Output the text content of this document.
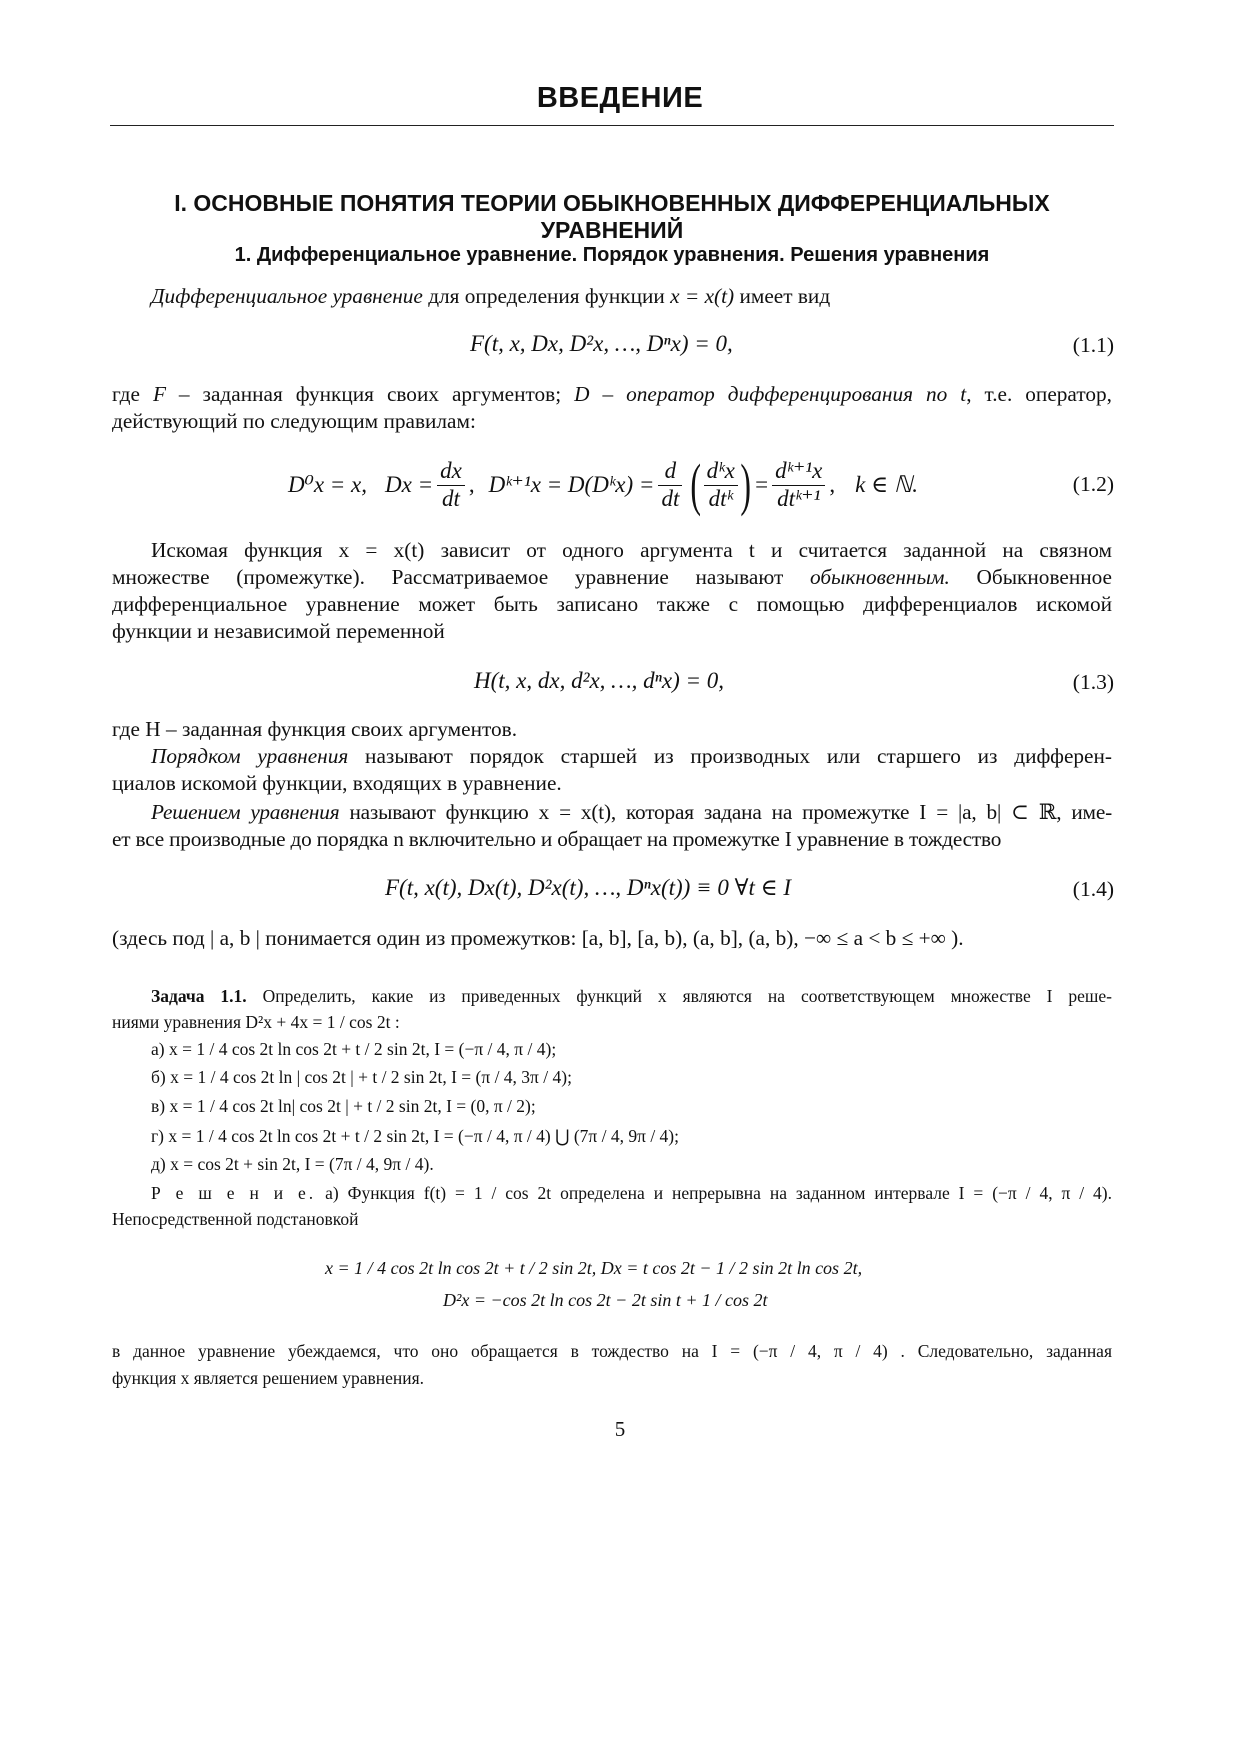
ВВЕДЕНИЕ
I. ОСНОВНЫЕ ПОНЯТИЯ ТЕОРИИ ОБЫКНОВЕННЫХ ДИФФЕРЕНЦИАЛЬНЫХ УРАВНЕНИЙ
1. Дифференциальное уравнение. Порядок уравнения. Решения уравнения
Дифференциальное уравнение для определения функции x = x(t) имеет вид
F(t, x, Dx, D²x, …, Dⁿx) = 0,	(1.1)
где F – заданная функция своих аргументов; D – оператор дифференцирования по t, т.е. оператор,
действующий по следующим правилам:
D⁰x = x, $Dx = \frac{dx}{dt}$ , Dᵏ⁺¹x = D(Dᵏx) = $\frac{d}{dt}$ ( $\frac{\text{dᵏx}}{\text{dtᵏ}}$ ) = $\frac{\text{dᵏ⁺¹x}}{\text{dtᵏ⁺¹}}$ , k ∈ ℕ.	(1.2)
Искомая функция x = x(t) зависит от одного аргумента t и считается заданной на связном
множестве (промежутке). Рассматриваемое уравнение называют обыкновенным. Обыкновенное
дифференциальное уравнение может быть записано также с помощью дифференциалов искомой
функции и независимой переменной
H(t, x, dx, d²x, …, dⁿx) = 0,	(1.3)
где H – заданная функция своих аргументов.
Порядком уравнения называют порядок старшей из производных или старшего из дифферен-
циалов искомой функции, входящих в уравнение.
Решением уравнения называют функцию x = x(t), которая задана на промежутке I = |a, b| ⊂ ℝ, име-
ет все производные до порядка n включительно и обращает на промежутке I уравнение в тождество
F(t, x(t), Dx(t), D²x(t), …, Dⁿx(t)) ≡ 0 ∀t ∈ I	(1.4)
(здесь под | a, b | понимается один из промежутков: [a, b], [a, b), (a, b], (a, b), −∞ ≤ a < b ≤ +∞ ).
Задача 1.1. Определить, какие из приведенных функций x являются на соответствующем множестве I реше-
ниями уравнения D²x + 4x = 1 / cos 2t :
а) x = 1 / 4 cos 2t ln cos 2t + t / 2 sin 2t, I = (−π / 4, π / 4);
б) x = 1 / 4 cos 2t ln | cos 2t | + t / 2 sin 2t, I = (π / 4, 3π / 4);
в) x = 1 / 4 cos 2t ln| cos 2t | + t / 2 sin 2t, I = (0, π / 2);
г) x = 1 / 4 cos 2t ln cos 2t + t / 2 sin 2t, I = (−π / 4, π / 4) ⋃ (7π / 4, 9π / 4);
д) x = cos 2t + sin 2t, I = (7π / 4, 9π / 4).
Р е ш е н и е. а) Функция f(t) = 1 / cos 2t определена и непрерывна на заданном интервале I = (−π / 4, π / 4).
Непосредственной подстановкой
x = 1 / 4 cos 2t ln cos 2t + t / 2 sin 2t, Dx = t cos 2t − 1 / 2 sin 2t ln cos 2t,
D²x = −cos 2t ln cos 2t − 2t sin t + 1 / cos 2t
в данное уравнение убеждаемся, что оно обращается в тождество на I = (−π / 4, π / 4) . Следовательно, заданная
функция x является решением уравнения.
5
